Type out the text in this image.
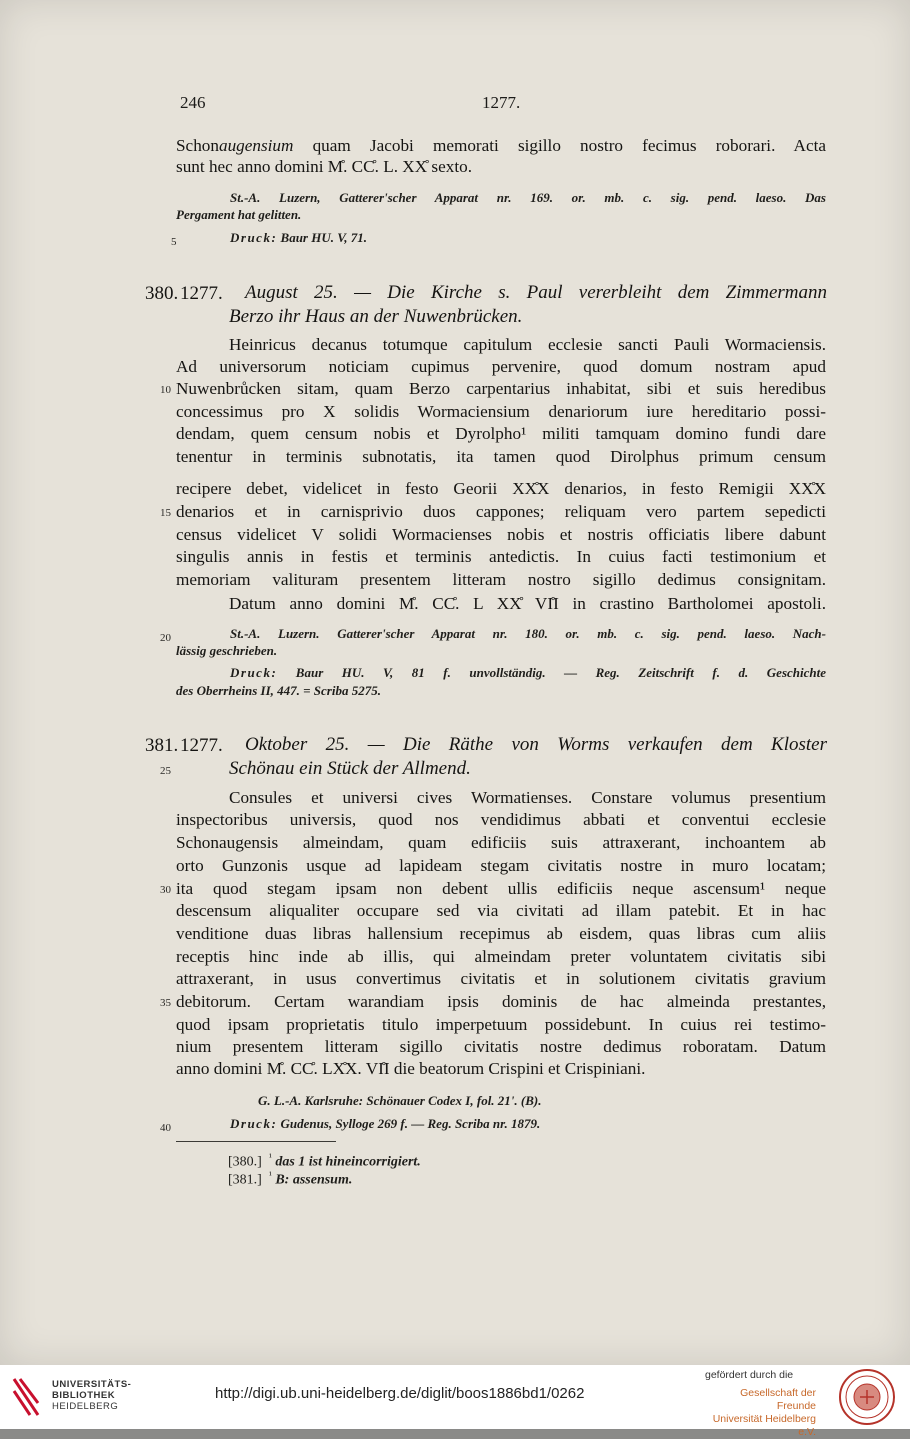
246	1277.
Schonaugensium quam Jacobi memorati sigillo nostro fecimus roborari. Acta
sunt hec anno domini M̊. CC̊. L. XX̊ sexto.
St.-A. Luzern, Gatterer'scher Apparat nr. 169. or. mb. c. sig. pend. laeso. Das
Pergament hat gelitten.
5	Druck: Baur HU. V, 71.
380. 1277. August 25. — Die Kirche s. Paul vererbleiht dem Zimmermann
Berzo ihr Haus an der Nuwenbrücken.
Heinricus decanus totumque capitulum ecclesie sancti Pauli Wormaciensis.
Ad universorum noticiam cupimus pervenire, quod domum nostram apud
10 Nuwenbrůcken sitam, quam Berzo carpentarius inhabitat, sibi et suis heredibus
concessimus pro X solidis Wormaciensium denariorum iure hereditario possi-
dendam, quem censum nobis et Dyrolpho¹ militi tamquam domino fundi dare
tenentur in terminis subnotatis, ita tamen quod Dirolphus primum censum
recipere debet, videlicet in festo Georii XX̊X denarios, in festo Remigii XX̊X
15 denarios et in carnisprivio duos cappones; reliquam vero partem sepedicti
census videlicet V solidi Wormacienses nobis et nostris officiatis libere dabunt
singulis annis in festis et terminis antedictis. In cuius facti testimonium et
memoriam valituram presentem litteram nostro sigillo dedimus consignitam.
Datum anno domini M̊. CC̊. L XX̊ VI̊I in crastino Bartholomei apostoli.
20	St.-A. Luzern. Gatterer'scher Apparat nr. 180. or. mb. c. sig. pend. laeso. Nach-
lässig geschrieben.
Druck: Baur HU. V, 81 f. unvollständig. — Reg. Zeitschrift f. d. Geschichte
des Oberrheins II, 447. = Scriba 5275.
381. 1277. Oktober 25. — Die Räthe von Worms verkaufen dem Kloster
25	Schönau ein Stück der Allmend.
Consules et universi cives Wormatienses. Constare volumus presentium
inspectoribus universis, quod nos vendidimus abbati et conventui ecclesie
Schonaugensis almeindam, quam edificiis suis attraxerant, inchoantem ab
orto Gunzonis usque ad lapideam stegam civitatis nostre in muro locatam;
30 ita quod stegam ipsam non debent ullis edificiis neque ascensum¹ neque
descensum aliqualiter occupare sed via civitati ad illam patebit. Et in hac
venditione duas libras hallensium recepimus ab eisdem, quas libras cum aliis
receptis hinc inde ab illis, qui almeindam preter voluntatem civitatis sibi
attraxerant, in usus convertimus civitatis et in solutionem civitatis gravium
35 debitorum. Certam warandiam ipsis dominis de hac almeinda prestantes,
quod ipsam proprietatis titulo imperpetuum possidebunt. In cuius rei testimo-
nium presentem litteram sigillo civitatis nostre dedimus roboratam. Datum
anno domini M̊. CC̊. LX̊X. VI̊I die beatorum Crispini et Crispiniani.
G. L.-A. Karlsruhe: Schönauer Codex I, fol. 21'. (B).
40	Druck: Gudenus, Sylloge 269 f. — Reg. Scriba nr. 1879.
[380.] $^{^1}$ das 1 ist hineincorrigiert.
[381.] $^{^1}$ B: assensum.
UNIVERSITÄTS-
BIBLIOTHEK
HEIDELBERG
http://digi.ub.uni-heidelberg.de/diglit/boos1886bd1/0262
gefördert durch die
Gesellschaft der Freunde
Universität Heidelberg e.V.
